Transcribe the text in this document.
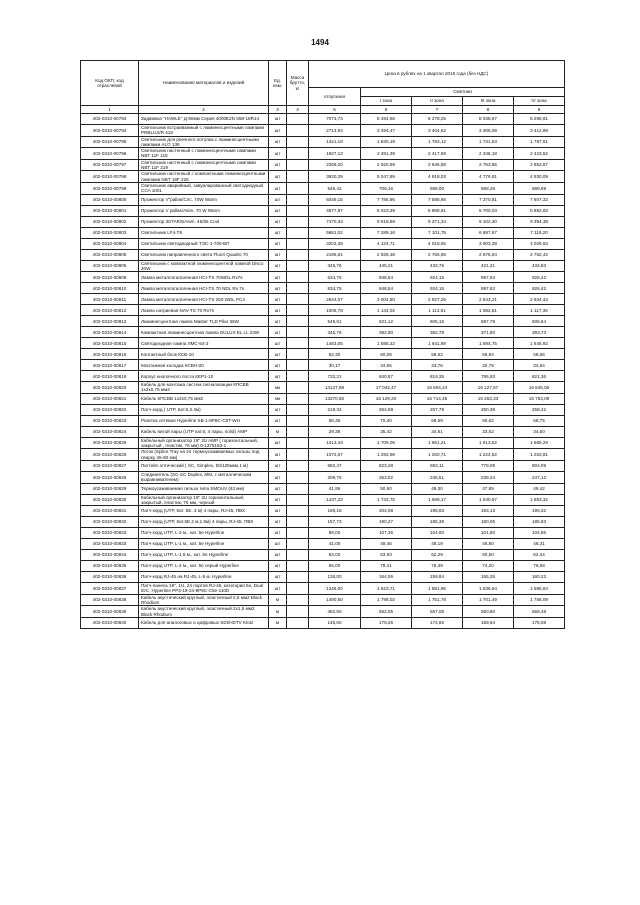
1494
Код ОКП, код отраслевой	Наименование материалов и изделий	Ед. изм.	Масса брутто, кг	Цена в рублях на 1 квартал 2016 года (без НДС)				
				отпускная	Сметная			
					I зона	II зона	III зона	IV зона
1	2	3	4	5	6	7	8	9
402-0310-00793	Задвижка "HAWLE" Д-50мм Серия 4000E2N 558-18R14	шт		7073,73	8 494,66	8 278,25	8 038,67	8 298,81
402-0310-00794	Светильник встраиваемый с люминесцентными лампами PRBLUX/R 418	шт		2713,92	3 494,47	3 404,62	3 306,08	3 412,99
402-0310-00795	Светильник для реечного потолка с люминесцентными лампами ALO 136	шт		1421,18	1 830,19	1 783,12	1 731,53	1 787,51
402-0310-00796	Светильник настенный с люминесцентными лампами NBT 11F 118	шт		1927,13	2 481,39	2 417,59	2 348,18	2 423,52
402-0310-00797	Светильник настенный с люминесцентными лампами NBT 11F 219	шт		2268,20	2 920,69	2 845,58	2 763,86	2 852,57
402-0310-00798	Светильник настенный с компактными люминесцентными лампами NBT 18F 226	шт		3920,29	5 047,89	4 918,03	4 776,81	4 930,09
402-0310-00799	Светильник аварийный, завуалированный светодиодный CCA 1001	шт		548,42	706,16	688,00	668,25	689,69
402-0310-00800	Прожектор V"pallas/Circ. 70W Warm	шт		6049,15	7 785,95	7 588,66	7 370,81	7 607,32
402-0310-00801	Прожектор V pallas/Asim. 70 W Warm	шт		4677,97	6 023,39	5 868,51	5 700,03	5 882,93
402-0310-00802	Прожектор 3STARS/Asim. 45/55 Cool	шт		7470,34	9 618,68	9 371,34	9 102,30	9 394,38
402-0310-00803	Светильник LF4-T8	шт		5661,02	7 289,16	7 101,75	6 897,67	7 119,20
402-0310-00804	Светильник светодиодный ТЭС-1-700-БП	шт		3203,39	4 124,71	4 018,65	3 903,28	4 028,53
402-0310-00805	Светильник направленного света Fluori Quadro 70	шт		2196,61	2 828,38	2 755,65	2 676,54	2 762,42
402-0310-00806	Светильник с компактной люминесцентной лампой Disco 20W	шт		345,76	445,21	433,76	421,31	434,83
402-0310-00809	Лампа металлогалогенная HCI-TS 70WDL Rx7s	шт		634,75	948,54	924,15	897,62	926,42
402-0310-00810	Лампа металлогалогенная HCI-TS 70 NDL Rx 7s	шт		834,75	948,54	924,15	897,62	926,42
402-0310-00811	Лампа металлогалогенная HCI-TS 250 WDL PC4	шт		2644,07	3 004,50	2 927,25	2 843,21	2 934,44
402-0310-00812	Лампа натриевая NAV-TS 70 Rx7s	шт		1006,78	1 144,02	1 114,61	1 082,61	1 117,35
402-0310-00813	Люминесцентная лампа Master TLD Pilar 36W	шт		546,61	621,12	605,15	587,78	606,64
402-0310-00814	Компактная люминесцентная лампа DULUX EL LL 23W	шт		345,76	392,90	382,79	371,80	383,73
402-0310-00815	Светодиодная лампа ЛМС-54-3	шт		1483,05	1 685,22	1 641,89	1 594,75	1 645,92
402-0310-00816	Контактный блок КСВ-10	шт		52,30	60,06	58,52	56,84	58,66
402-0310-00817	Монтажная колодка КСВН-00	шт		30,17	34,65	33,76	32,79	33,84
402-0310-00818	Корпус кнопочного поста КЕР1-10	шт		732,21	840,97	819,35	795,83	821,36
402-0310-00820	Кабель для монтажа систем сигнализации КПСВВ 1x2x0,75 мм2	км		14127,68	17 042,47	16 604,24	16 127,57	16 645,06
402-0310-00821	Кабель КПСВВ 1x2x0,75 мм2	км		13370,50	16 129,20	15 714,45	15 263,33	15 753,09
402-0310-00822	Патч-корд ( UTP, Кат.5,2.4м)	шт		219,34	264,59	257,79	250,39	258,42
402-0310-00823	Розетка сетевая Hyperline SB-1-8P8C-C5T-WH	шт		58,36	70,40	68,59	66,62	68,75
402-0310-00824	Кабель витой пары (UTP кат.6, 4 пары, solid) AMP	м		29,38	35,42	34,51	33,52	34,60
402-0310-00825	Кабельный организатор 19" 2U AMP ( горизонтальный, закрытый , пластик, 76 мм) 0-1375163-1	шт		1413,43	1 705,05	1 661,21	1 613,52	1 665,29
402-0310-00826	Лоток (Splice Tray на 24 термоусаживаемых гильзы под сварку 45-60 мм)	шт		1072,67	1 293,98	1 260,71	1 224,52	1 263,81
402-0310-00827	Пигтейл оптический ( SC, Simplex, 50/125мкм,1 м)	шт		682,47	823,28	802,11	779,09	804,09
402-0310-00828	Соединитель (SC-SC Duplex, MM, с металлическим выравнивателем)	шт		209,75	253,02	246,51	239,44	247,12
402-0310-00829	Термоусаживаемая гильза типа SMOUV (62 мм)	шт		41,95	50,60	49,30	47,89	49,42
402-0310-00830	Кабельный организатор 19" 2U горизонтальный, закрытый, пластик, 76 мм, черный	шт		1437,23	1 733,75	1 689,17	1 640,67	1 693,32
402-0310-00831	Патч-корд (UTP, Кат. 5E, 3 м) 4 пары, RJ-45, ПВХ	шт		169,18	204,08	198,83	193,13	199,32
402-0310-00832	Патч-корд (UTP, Кат.5Е,2 м,1.5м) 4 пары, RJ-45, ПВХ	шт		157,73	190,27	185,38	180,06	185,83
402-0310-00833	Патч-корд UTP, L-3 м., кат. 5е Hyperline	шт		89,00	107,36	104,60	101,60	104,86
402-0310-00833	Патч-корд UTP, L-1 м., кат. 5е Hyperline	шт		41,00	49,46	48,19	46,80	48,31
402-0310-00834	Патч-корд UTP, L-1.5 м., кат. 5е Hyperline	шт		53,00	63,93	62,29	60,50	62,44
402-0310-00835	Патч-корд UTP, L-2 м., кат. 5е серый Hyperline	шт		65,00	78,41	76,39	74,20	76,58
402-0310-00836	Патч-корд RJ-45 на RJ-45, L-5 м. Hyperline	шт		136,00	164,06	159,84	155,25	160,23
402-0310-00837	Патч-панель 19", 1U, 24 портов RJ-45, категория 5е, Dual IDC, Hyperline PP3-19-24-8P8C-C5e-110D	шт		1346,00	1 623,71	1 581,95	1 536,54	1 585,84
402-0310-00838	Кабель акустический круглый, эластичный 2,5 мм2 Black Rhodium	м		1490,50	1 798,02	1 751,78	1 701,49	1 756,09
402-0310-00839	Кабель акустический круглый, эластичный 2x1,5 мм2 Black Rhodium	м		482,50	582,05	567,08	550,80	568,48
402-0310-00840	Кабель для аналоговых и цифровых SDI/HDTV Klotz	м		146,60	179,26	174,65	169,64	175,08
